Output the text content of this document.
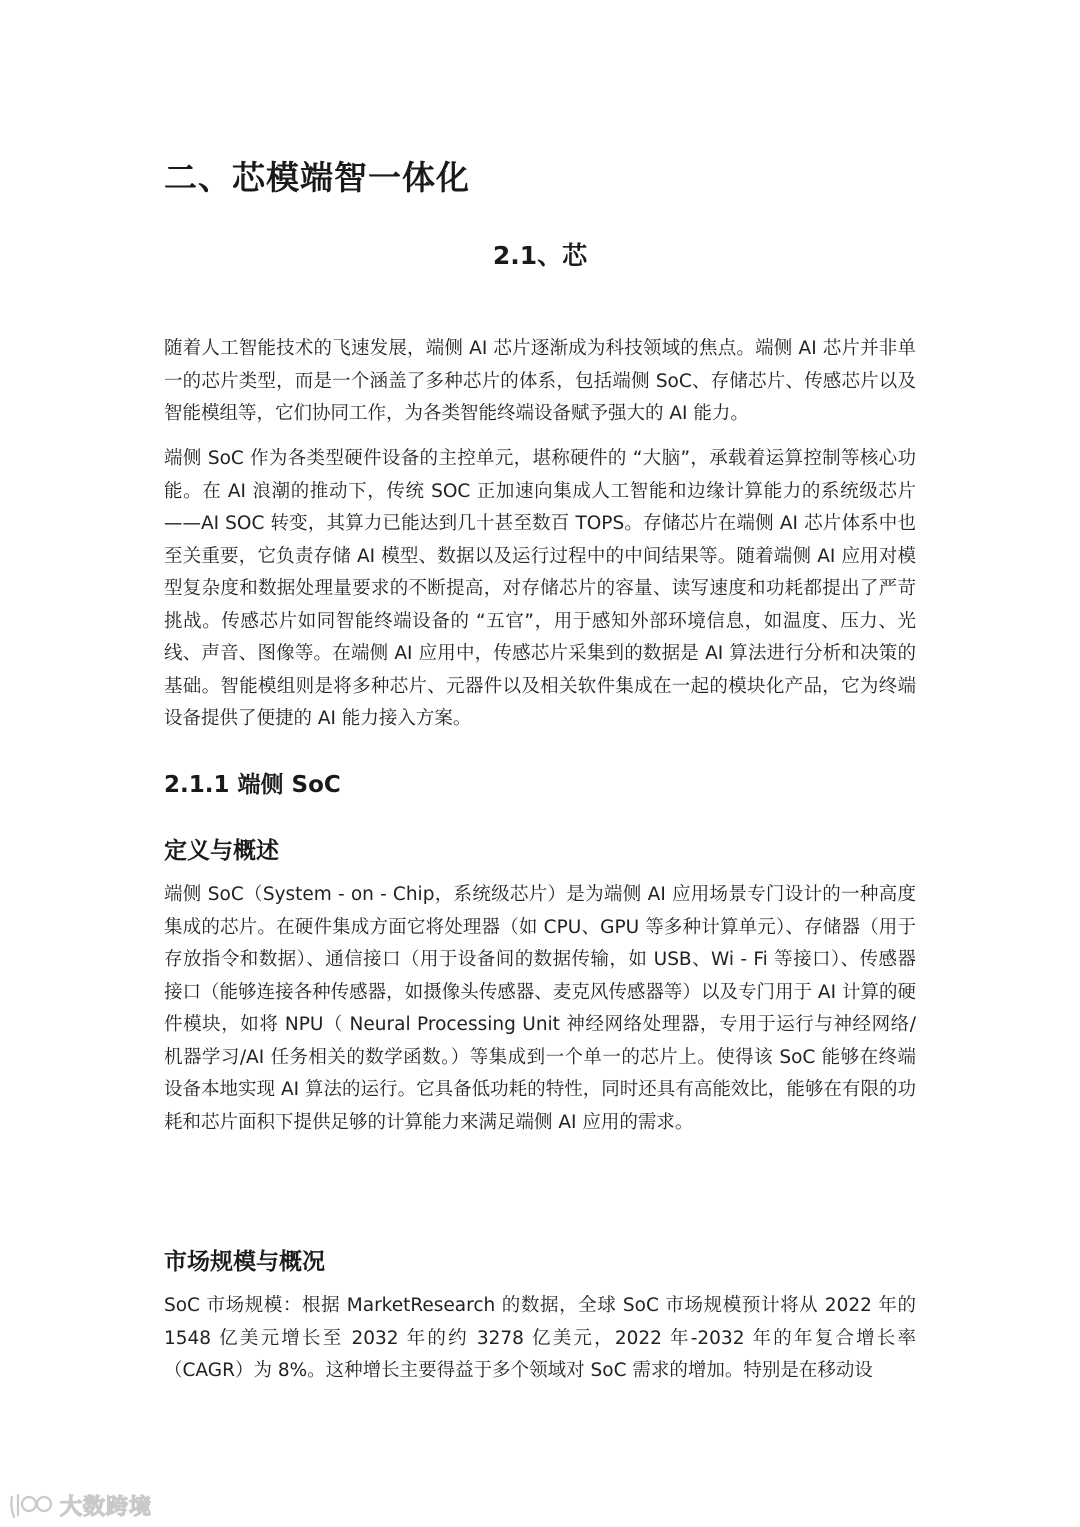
二、芯模端智一体化
2.1、芯

随着人工智能技术的飞速发展，端侧 AI 芯片逐渐成为科技领域的焦点。端侧 AI 芯片并非单一的芯片类型，而是一个涵盖了多种芯片的体系，包括端侧 SoC、存储芯片、传感芯片以及智能模组等，它们协同工作，为各类智能终端设备赋予强大的 AI 能力。

端侧 SoC 作为各类型硬件设备的主控单元，堪称硬件的 “大脑”，承载着运算控制等核心功能。在 AI 浪潮的推动下，传统 SOC 正加速向集成人工智能和边缘计算能力的系统级芯片 ——AI SOC 转变，其算力已能达到几十甚至数百 TOPS。存储芯片在端侧 AI 芯片体系中也至关重要，它负责存储 AI 模型、数据以及运行过程中的中间结果等。随着端侧 AI 应用对模型复杂度和数据处理量要求的不断提高，对存储芯片的容量、读写速度和功耗都提出了严苛挑战。传感芯片如同智能终端设备的 “五官”，用于感知外部环境信息，如温度、压力、光线、声音、图像等。在端侧 AI 应用中，传感芯片采集到的数据是 AI 算法进行分析和决策的基础。智能模组则是将多种芯片、元器件以及相关软件集成在一起的模块化产品，它为终端设备提供了便捷的 AI 能力接入方案。

2.1.1 端侧 SoC
定义与概述

端侧 SoC（System - on - Chip，系统级芯片）是为端侧 AI 应用场景专门设计的一种高度集成的芯片。在硬件集成方面它将处理器（如 CPU、GPU 等多种计算单元）、存储器（用于存放指令和数据）、通信接口（用于设备间的数据传输，如 USB、Wi - Fi 等接口）、传感器接口（能够连接各种传感器，如摄像头传感器、麦克风传感器等）以及专门用于 AI 计算的硬件模块，如将 NPU（ Neural Processing Unit 神经网络处理器，专用于运行与神经网络/机器学习/AI 任务相关的数学函数。）等集成到一个单一的芯片上。使得该 SoC 能够在终端设备本地实现 AI 算法的运行。它具备低功耗的特性，同时还具有高能效比，能够在有限的功耗和芯片面积下提供足够的计算能力来满足端侧 AI 应用的需求。

市场规模与概况

SoC 市场规模：根据 MarketResearch 的数据，全球 SoC 市场规模预计将从 2022 年的 1548 亿美元增长至 2032 年的约 3278 亿美元，2022 年-2032 年的年复合增长率（CAGR）为 8%。这种增长主要得益于多个领域对 SoC 需求的增加。特别是在移动设

大数跨境
